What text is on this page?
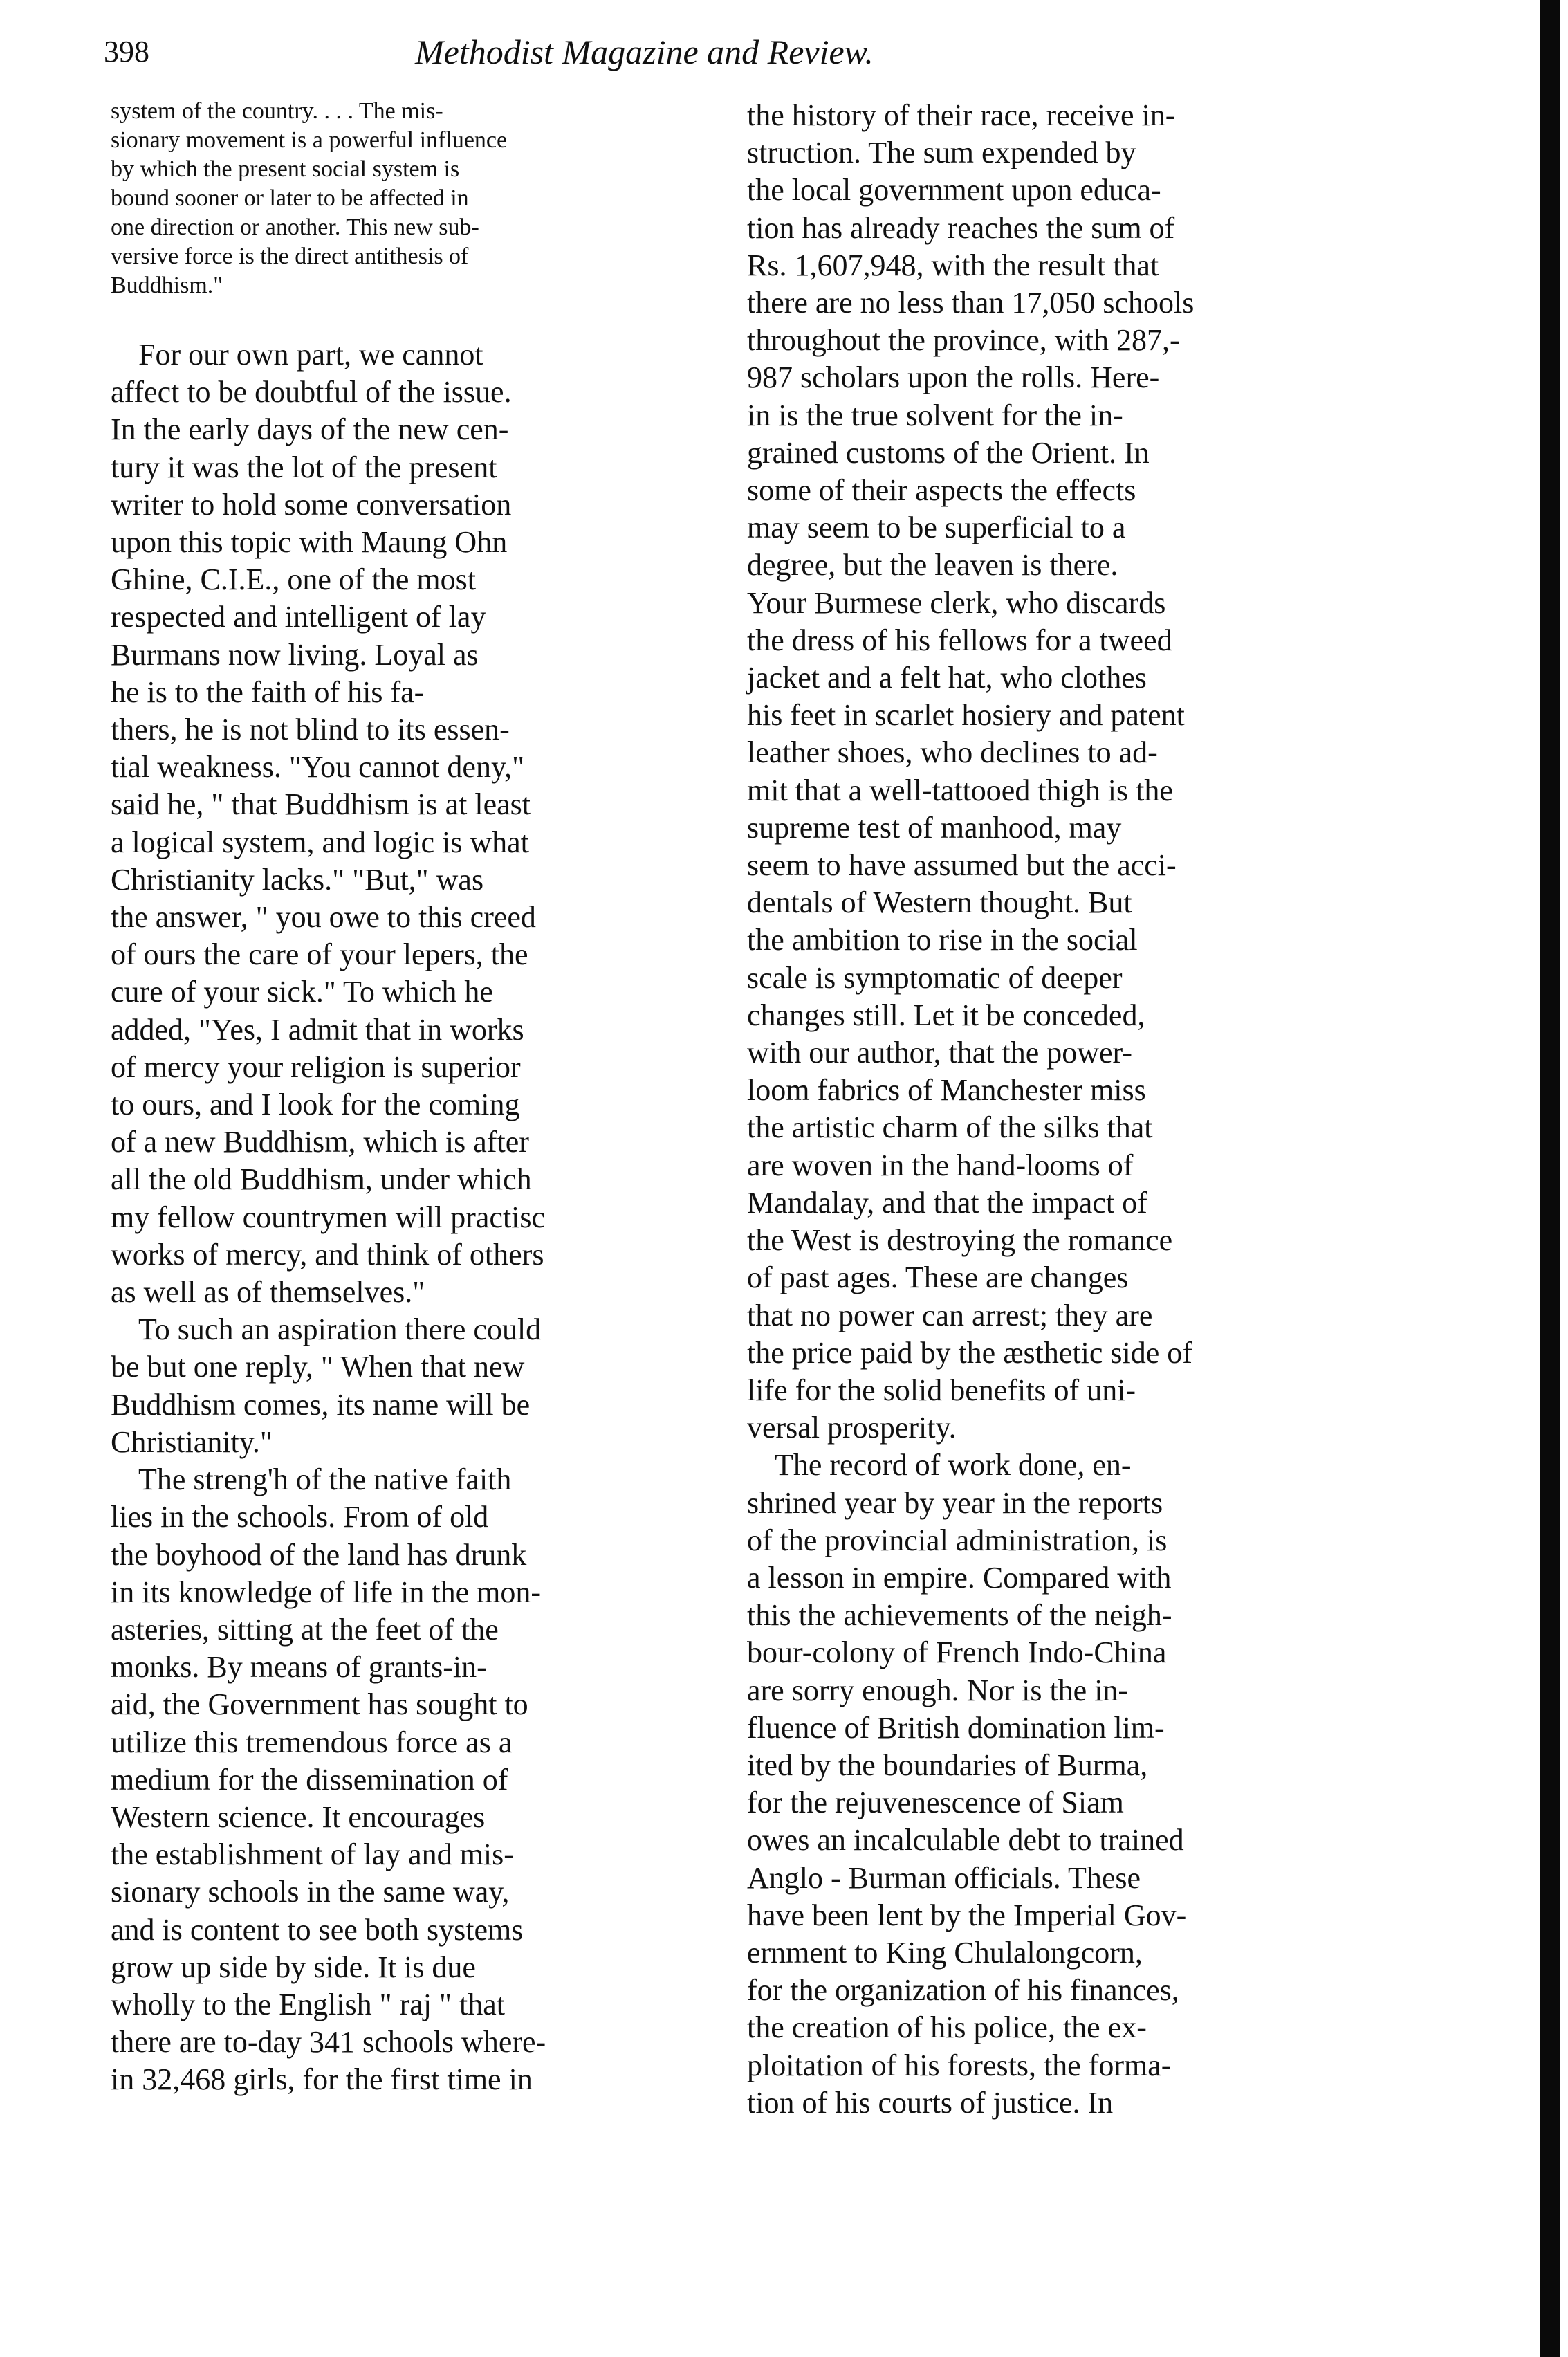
398	Methodist Magazine and Review.

system of the country. . . . The mis-
sionary movement is a powerful influence
by which the present social system is
bound sooner or later to be affected in
one direction or another. This new sub-
versive force is the direct antithesis of
Buddhism."

For our own part, we cannot
affect to be doubtful of the issue.
In the early days of the new cen-
tury it was the lot of the present
writer to hold some conversation
upon this topic with Maung Ohn
Ghine, C.I.E., one of the most
respected and intelligent of lay
Burmans now living. Loyal as
he is to the faith of his fa-
thers, he is not blind to its essen-
tial weakness. "You cannot deny,"
said he, " that Buddhism is at least
a logical system, and logic is what
Christianity lacks." "But," was
the answer, " you owe to this creed
of ours the care of your lepers, the
cure of your sick." To which he
added, "Yes, I admit that in works
of mercy your religion is superior
to ours, and I look for the coming
of a new Buddhism, which is after
all the old Buddhism, under which
my fellow countrymen will practisc
works of mercy, and think of others
as well as of themselves."

To such an aspiration there could
be but one reply, " When that new
Buddhism comes, its name will be
Christianity."

The streng'h of the native faith
lies in the schools. From of old
the boyhood of the land has drunk
in its knowledge of life in the mon-
asteries, sitting at the feet of the
monks. By means of grants-in-
aid, the Government has sought to
utilize this tremendous force as a
medium for the dissemination of
Western science. It encourages
the establishment of lay and mis-
sionary schools in the same way,
and is content to see both systems
grow up side by side. It is due
wholly to the English " raj " that
there are to-day 341 schools where-
in 32,468 girls, for the first time in

the history of their race, receive in-
struction. The sum expended by
the local government upon educa-
tion has already reaches the sum of
Rs. 1,607,948, with the result that
there are no less than 17,050 schools
throughout the province, with 287,-
987 scholars upon the rolls. Here-
in is the true solvent for the in-
grained customs of the Orient. In
some of their aspects the effects
may seem to be superficial to a
degree, but the leaven is there.
Your Burmese clerk, who discards
the dress of his fellows for a tweed
jacket and a felt hat, who clothes
his feet in scarlet hosiery and patent
leather shoes, who declines to ad-
mit that a well-tattooed thigh is the
supreme test of manhood, may
seem to have assumed but the acci-
dentals of Western thought. But
the ambition to rise in the social
scale is symptomatic of deeper
changes still. Let it be conceded,
with our author, that the power-
loom fabrics of Manchester miss
the artistic charm of the silks that
are woven in the hand-looms of
Mandalay, and that the impact of
the West is destroying the romance
of past ages. These are changes
that no power can arrest; they are
the price paid by the æsthetic side of
life for the solid benefits of uni-
versal prosperity.

The record of work done, en-
shrined year by year in the reports
of the provincial administration, is
a lesson in empire. Compared with
this the achievements of the neigh-
bour-colony of French Indo-China
are sorry enough. Nor is the in-
fluence of British domination lim-
ited by the boundaries of Burma,
for the rejuvenescence of Siam
owes an incalculable debt to trained
Anglo - Burman officials. These
have been lent by the Imperial Gov-
ernment to King Chulalongcorn,
for the organization of his finances,
the creation of his police, the ex-
ploitation of his forests, the forma-
tion of his courts of justice. In
